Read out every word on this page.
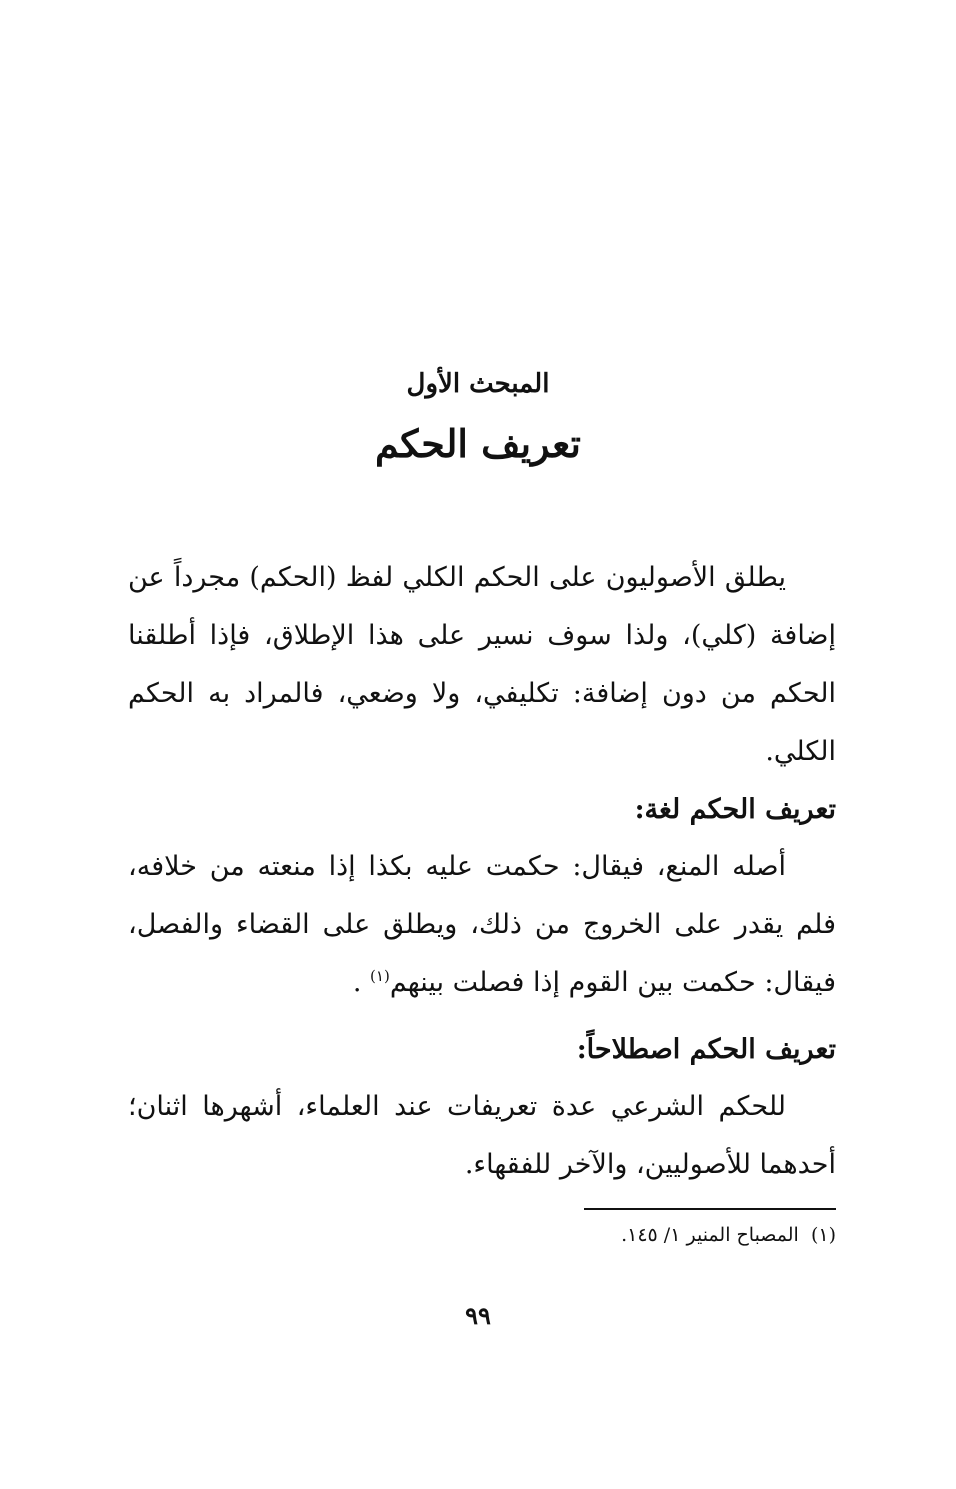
المبحث الأول
تعريف الحكم

يطلق الأصوليون على الحكم الكلي لفظ (الحكم) مجرداً عن إضافة (كلي)، ولذا سوف نسير على هذا الإطلاق، فإذا أطلقنا الحكم من دون إضافة: تكليفي، ولا وضعي، فالمراد به الحكم الكلي.

تعريف الحكم لغة:

أصله المنع، فيقال: حكمت عليه بكذا إذا منعته من خلافه، فلم يقدر على الخروج من ذلك، ويطلق على القضاء والفصل، فيقال: حكمت بين القوم إذا فصلت بينهم$^{(١)}$ .

تعريف الحكم اصطلاحاً:

للحكم الشرعي عدة تعريفات عند العلماء، أشهرها اثنان؛ أحدهما للأصوليين، والآخر للفقهاء.

(١)  المصباح المنير ١/ ١٤٥.
٩٩
